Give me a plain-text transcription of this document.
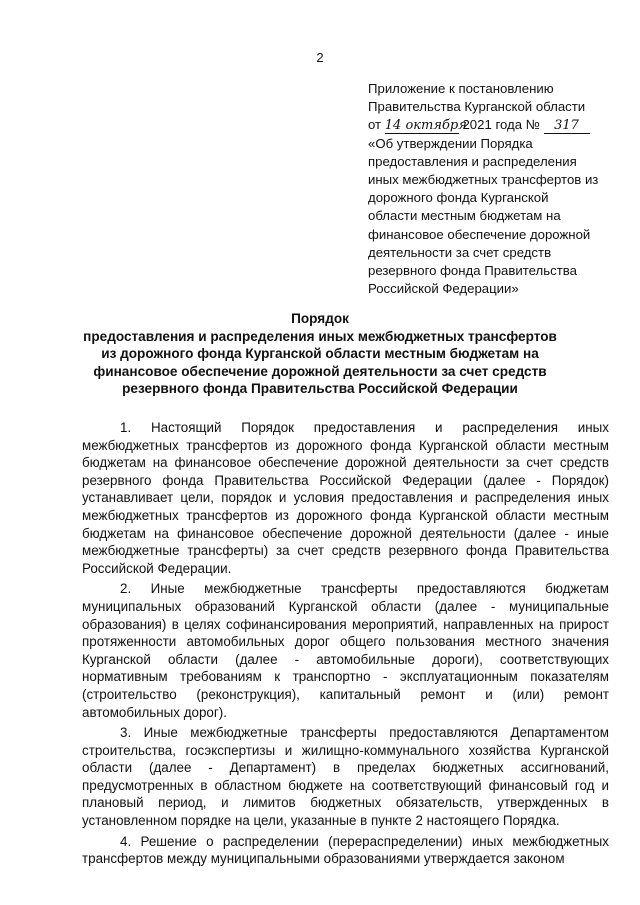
2
Приложение к постановлению
Правительства Курганской области
от 14 октября 2021 года № 317
«Об утверждении Порядка
предоставления и распределения
иных межбюджетных трансфертов из
дорожного фонда Курганской
области местным бюджетам на
финансовое обеспечение дорожной
деятельности за счет средств
резервного фонда Правительства
Российской Федерации»
Порядок
предоставления и распределения иных межбюджетных трансфертов
из дорожного фонда Курганской области местным бюджетам на
финансовое обеспечение дорожной деятельности за счет средств
резервного фонда Правительства Российской Федерации

1. Настоящий Порядок предоставления и распределения иных межбюджетных трансфертов из дорожного фонда Курганской области местным бюджетам на финансовое обеспечение дорожной деятельности за счет средств резервного фонда Правительства Российской Федерации (далее - Порядок) устанавливает цели, порядок и условия предоставления и распределения иных межбюджетных трансфертов из дорожного фонда Курганской области местным бюджетам на финансовое обеспечение дорожной деятельности (далее - иные межбюджетные трансферты) за счет средств резервного фонда Правительства Российской Федерации.

2. Иные межбюджетные трансферты предоставляются бюджетам муниципальных образований Курганской области (далее - муниципальные образования) в целях софинансирования мероприятий, направленных на прирост протяженности автомобильных дорог общего пользования местного значения Курганской области (далее - автомобильные дороги), соответствующих нормативным требованиям к транспортно - эксплуатационным показателям (строительство (реконструкция), капитальный ремонт и (или) ремонт автомобильных дорог).

3. Иные межбюджетные трансферты предоставляются Департаментом строительства, госэкспертизы и жилищно-коммунального хозяйства Курганской области (далее - Департамент) в пределах бюджетных ассигнований, предусмотренных в областном бюджете на соответствующий финансовый год и плановый период, и лимитов бюджетных обязательств, утвержденных в установленном порядке на цели, указанные в пункте 2 настоящего Порядка.

4. Решение о распределении (перераспределении) иных межбюджетных трансфертов между муниципальными образованиями утверждается законом
